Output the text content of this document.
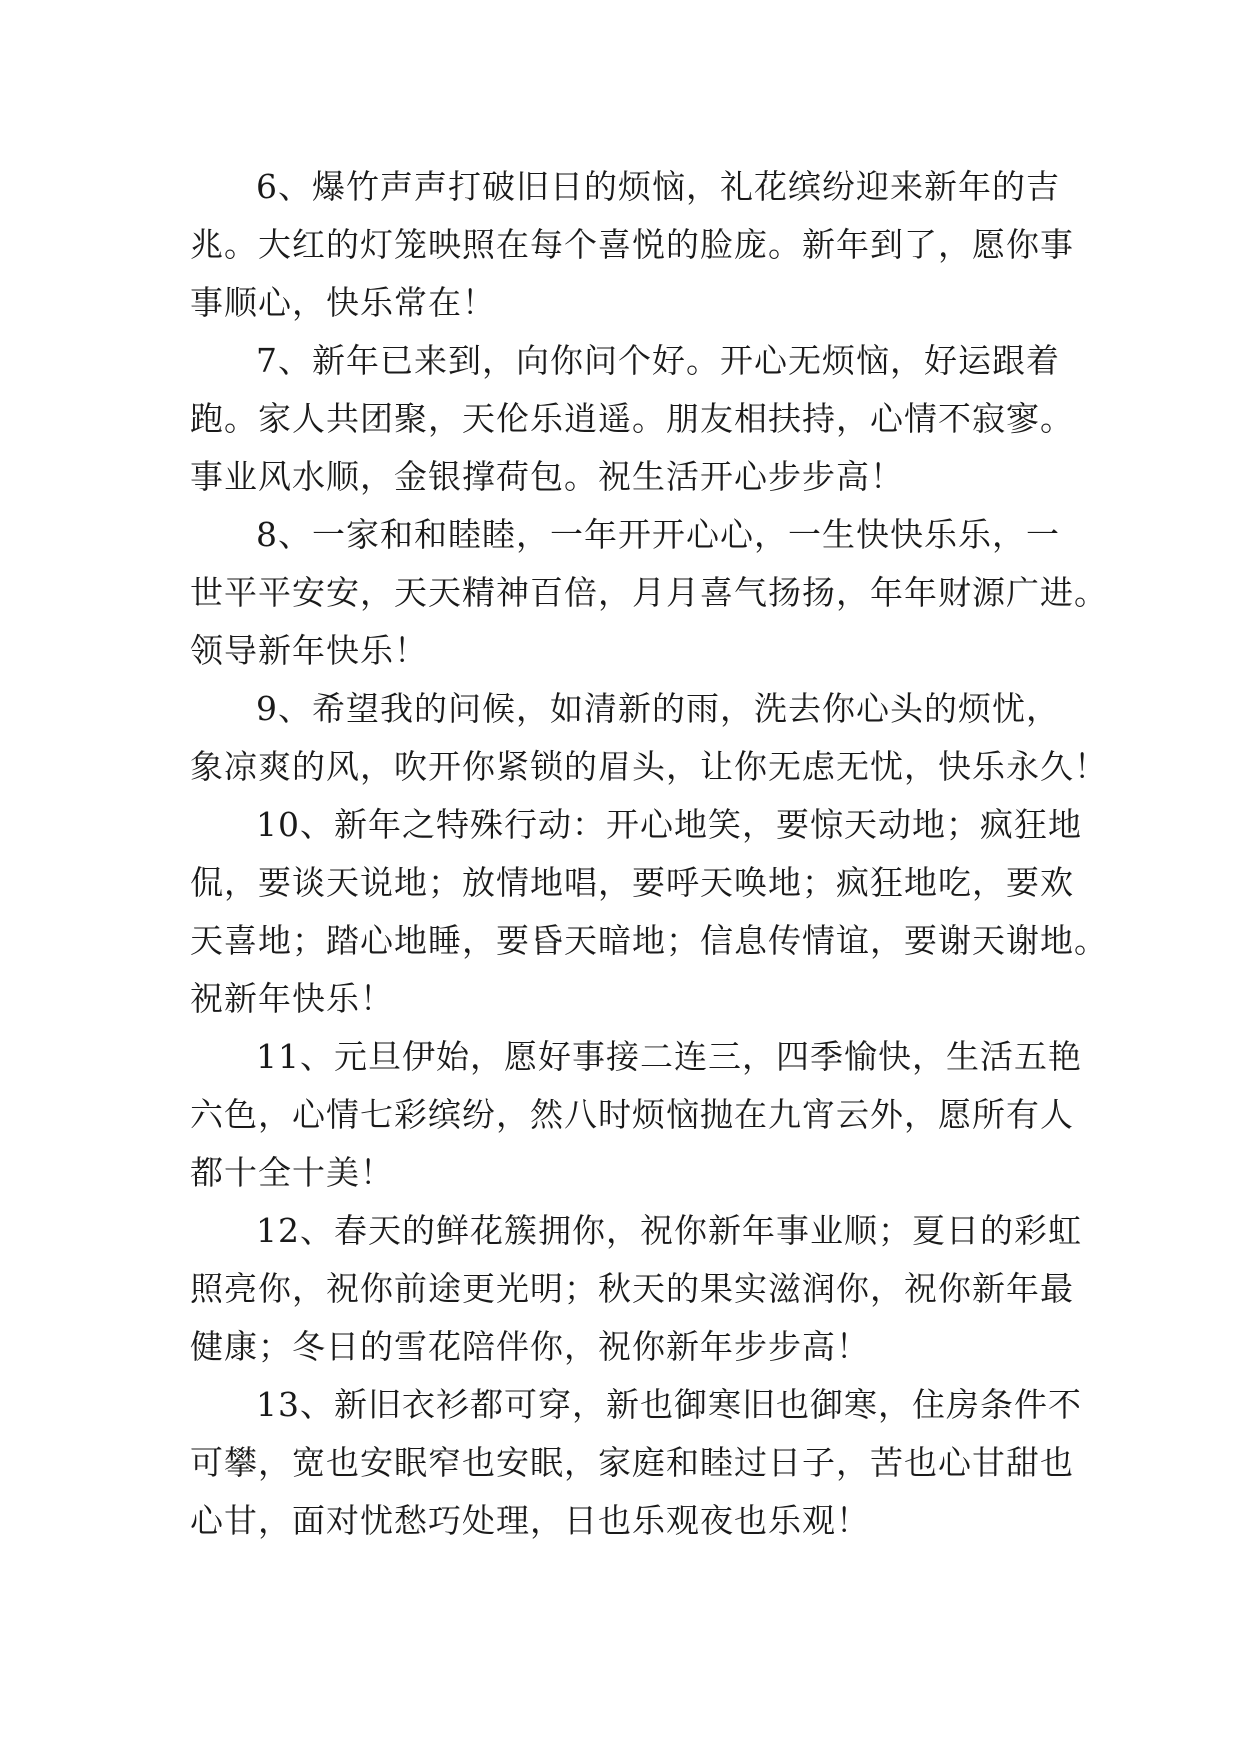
6、爆竹声声打破旧日的烦恼，礼花缤纷迎来新年的吉
兆。大红的灯笼映照在每个喜悦的脸庞。新年到了，愿你事
事顺心，快乐常在！
7、新年已来到，向你问个好。开心无烦恼，好运跟着
跑。家人共团聚，天伦乐逍遥。朋友相扶持，心情不寂寥。
事业风水顺，金银撑荷包。祝生活开心步步高！
8、一家和和睦睦，一年开开心心，一生快快乐乐，一
世平平安安，天天精神百倍，月月喜气扬扬，年年财源广进。
领导新年快乐！
9、希望我的问候，如清新的雨，洗去你心头的烦忧，
象凉爽的风，吹开你紧锁的眉头，让你无虑无忧，快乐永久！
10、新年之特殊行动：开心地笑，要惊天动地；疯狂地
侃，要谈天说地；放情地唱，要呼天唤地；疯狂地吃，要欢
天喜地；踏心地睡，要昏天暗地；信息传情谊，要谢天谢地。
祝新年快乐！
11、元旦伊始，愿好事接二连三，四季愉快，生活五艳
六色，心情七彩缤纷，然八时烦恼抛在九宵云外，愿所有人
都十全十美！
12、春天的鲜花簇拥你，祝你新年事业顺；夏日的彩虹
照亮你，祝你前途更光明；秋天的果实滋润你，祝你新年最
健康；冬日的雪花陪伴你，祝你新年步步高！
13、新旧衣衫都可穿，新也御寒旧也御寒，住房条件不
可攀，宽也安眠窄也安眠，家庭和睦过日子，苦也心甘甜也
心甘，面对忧愁巧处理，日也乐观夜也乐观！
